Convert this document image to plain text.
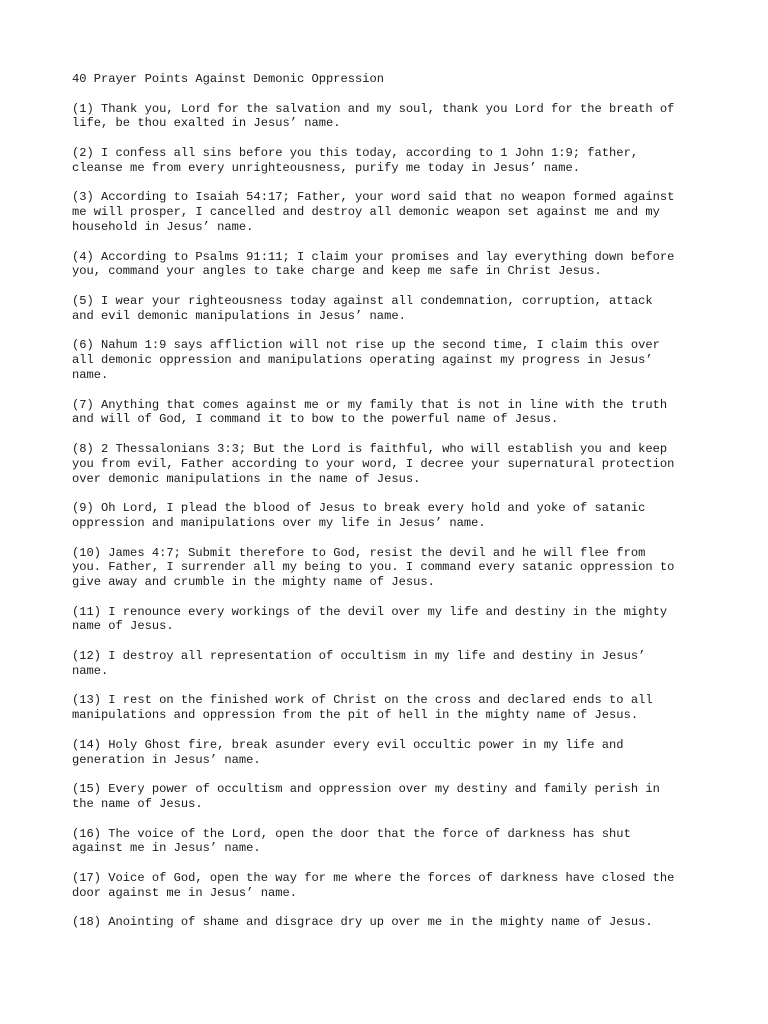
40 Prayer Points Against Demonic Oppression
(1) Thank you, Lord for the salvation and my soul, thank you Lord for the breath of
life, be thou exalted in Jesus’ name.
(2) I confess all sins before you this today, according to 1 John 1:9; father,
cleanse me from every unrighteousness, purify me today in Jesus’ name.
(3) According to Isaiah 54:17; Father, your word said that no weapon formed against
me will prosper, I cancelled and destroy all demonic weapon set against me and my
household in Jesus’ name.
(4) According to Psalms 91:11; I claim your promises and lay everything down before
you, command your angles to take charge and keep me safe in Christ Jesus.
(5) I wear your righteousness today against all condemnation, corruption, attack
and evil demonic manipulations in Jesus’ name.
(6) Nahum 1:9 says affliction will not rise up the second time, I claim this over
all demonic oppression and manipulations operating against my progress in Jesus’
name.
(7) Anything that comes against me or my family that is not in line with the truth
and will of God, I command it to bow to the powerful name of Jesus.
(8) 2 Thessalonians 3:3; But the Lord is faithful, who will establish you and keep
you from evil, Father according to your word, I decree your supernatural protection
over demonic manipulations in the name of Jesus.
(9) Oh Lord, I plead the blood of Jesus to break every hold and yoke of satanic
oppression and manipulations over my life in Jesus’ name.
(10) James 4:7; Submit therefore to God, resist the devil and he will flee from
you. Father, I surrender all my being to you. I command every satanic oppression to
give away and crumble in the mighty name of Jesus.
(11) I renounce every workings of the devil over my life and destiny in the mighty
name of Jesus.
(12) I destroy all representation of occultism in my life and destiny in Jesus’
name.
(13) I rest on the finished work of Christ on the cross and declared ends to all
manipulations and oppression from the pit of hell in the mighty name of Jesus.
(14) Holy Ghost fire, break asunder every evil occultic power in my life and
generation in Jesus’ name.
(15) Every power of occultism and oppression over my destiny and family perish in
the name of Jesus.
(16) The voice of the Lord, open the door that the force of darkness has shut
against me in Jesus’ name.
(17) Voice of God, open the way for me where the forces of darkness have closed the
door against me in Jesus’ name.
(18) Anointing of shame and disgrace dry up over me in the mighty name of Jesus.
